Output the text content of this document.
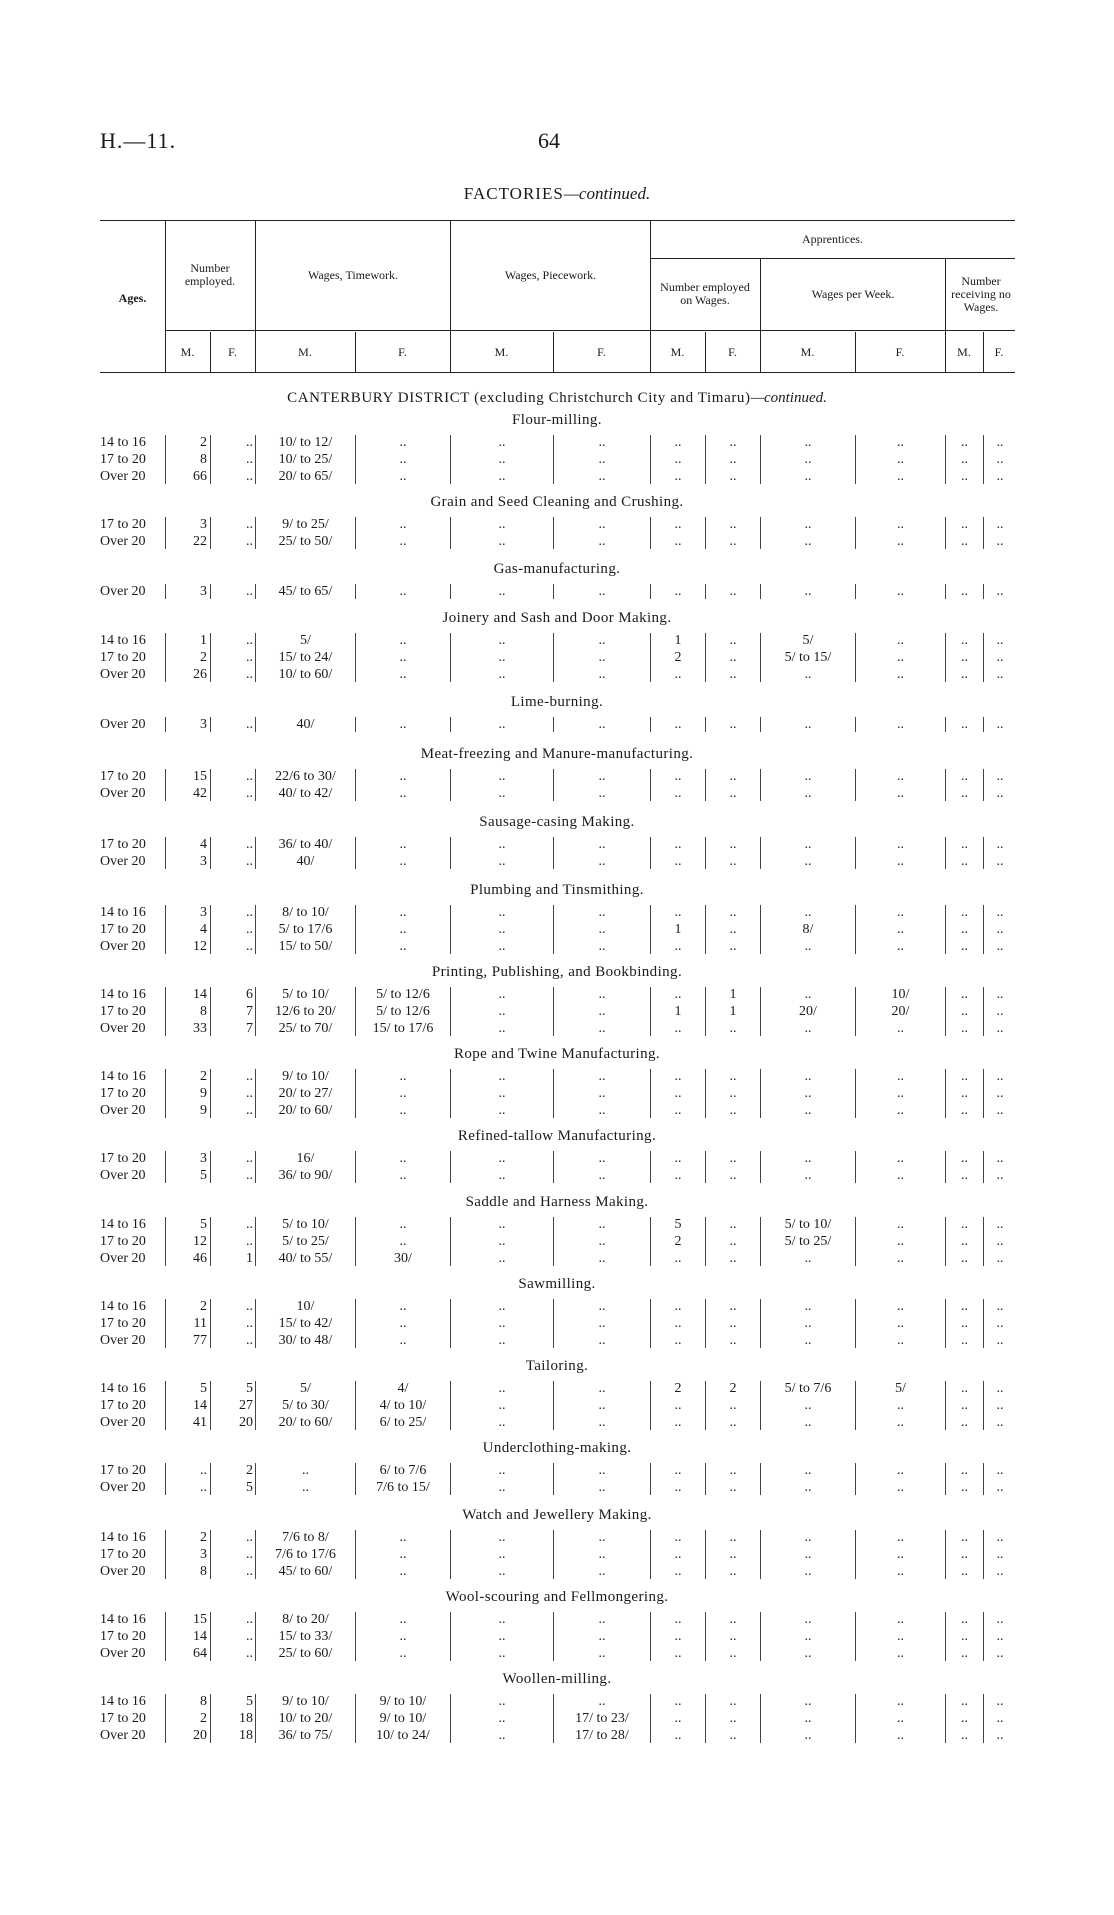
H.—11.	64
FACTORIES—continued.
Ages.
Number employed.	Wages, Timework.	Wages, Piecework.
Apprentices.
Number employed on Wages.	Wages per Week.
Number receiving no Wages.
M.	F.	M.	F.	M.	F.	M.	F.	M.	F.	M.	F.
CANTERBURY DISTRICT (excluding Christchurch City and Timaru)—continued.
Flour-milling.
14 to 16	2	..	10/ to 12/	..	..	..	..	..	..	..	..	..
17 to 20	8	..	10/ to 25/	..	..	..	..	..	..	..	..	..
Over 20	66	..	20/ to 65/	..	..	..	..	..	..	..	..	..
Grain and Seed Cleaning and Crushing.
17 to 20	3	..	9/ to 25/	..	..	..	..	..	..	..	..	..
Over 20	22	..	25/ to 50/	..	..	..	..	..	..	..	..	..
Gas-manufacturing.
Over 20	3	..	45/ to 65/	..	..	..	..	..	..	..	..	..
Joinery and Sash and Door Making.
14 to 16	1	..	5/	..	..	..	1	..	5/	..	..	..
17 to 20	2	..	15/ to 24/	..	..	..	2	..	5/ to 15/	..	..	..
Over 20	26	..	10/ to 60/	..	..	..	..	..	..	..	..	..
Lime-burning.
Over 20	3	..	40/	..	..	..	..	..	..	..	..	..
Meat-freezing and Manure-manufacturing.
17 to 20	15	..	22/6 to 30/	..	..	..	..	..	..	..	..	..
Over 20	42	..	40/ to 42/	..	..	..	..	..	..	..	..	..
Sausage-casing Making.
17 to 20	4	..	36/ to 40/	..	..	..	..	..	..	..	..	..
Over 20	3	..	40/	..	..	..	..	..	..	..	..	..
Plumbing and Tinsmithing.
14 to 16	3	..	8/ to 10/	..	..	..	..	..	..	..	..	..
17 to 20	4	..	5/ to 17/6	..	..	..	1	..	8/	..	..	..
Over 20	12	..	15/ to 50/	..	..	..	..	..	..	..	..	..
Printing, Publishing, and Bookbinding.
14 to 16	14	6	5/ to 10/	5/ to 12/6	..	..	..	1	..	10/	..	..
17 to 20	8	7	12/6 to 20/	5/ to 12/6	..	..	1	1	20/	20/	..	..
Over 20	33	7	25/ to 70/	15/ to 17/6	..	..	..	..	..	..	..	..
Rope and Twine Manufacturing.
14 to 16	2	..	9/ to 10/	..	..	..	..	..	..	..	..	..
17 to 20	9	..	20/ to 27/	..	..	..	..	..	..	..	..	..
Over 20	9	..	20/ to 60/	..	..	..	..	..	..	..	..	..
Refined-tallow Manufacturing.
17 to 20	3	..	16/	..	..	..	..	..	..	..	..	..
Over 20	5	..	36/ to 90/	..	..	..	..	..	..	..	..	..
Saddle and Harness Making.
14 to 16	5	..	5/ to 10/	..	..	..	5	..	5/ to 10/	..	..	..
17 to 20	12	..	5/ to 25/	..	..	..	2	..	5/ to 25/	..	..	..
Over 20	46	1	40/ to 55/	30/	..	..	..	..	..	..	..	..
Sawmilling.
14 to 16	2	..	10/	..	..	..	..	..	..	..	..	..
17 to 20	11	..	15/ to 42/	..	..	..	..	..	..	..	..	..
Over 20	77	..	30/ to 48/	..	..	..	..	..	..	..	..	..
Tailoring.
14 to 16	5	5	5/	4/	..	..	2	2	5/ to 7/6	5/	..	..
17 to 20	14	27	5/ to 30/	4/ to 10/	..	..	..	..	..	..	..	..
Over 20	41	20	20/ to 60/	6/ to 25/	..	..	..	..	..	..	..	..
Underclothing-making.
17 to 20	..	2	..	6/ to 7/6	..	..	..	..	..	..	..	..
Over 20	..	5	..	7/6 to 15/	..	..	..	..	..	..	..	..
Watch and Jewellery Making.
14 to 16	2	..	7/6 to 8/	..	..	..	..	..	..	..	..	..
17 to 20	3	..	7/6 to 17/6	..	..	..	..	..	..	..	..	..
Over 20	8	..	45/ to 60/	..	..	..	..	..	..	..	..	..
Wool-scouring and Fellmongering.
14 to 16	15	..	8/ to 20/	..	..	..	..	..	..	..	..	..
17 to 20	14	..	15/ to 33/	..	..	..	..	..	..	..	..	..
Over 20	64	..	25/ to 60/	..	..	..	..	..	..	..	..	..
Woollen-milling.
14 to 16	8	5	9/ to 10/	9/ to 10/	..	..	..	..	..	..	..	..
17 to 20	2	18	10/ to 20/	9/ to 10/	..	17/ to 23/	..	..	..	..	..	..
Over 20	20	18	36/ to 75/	10/ to 24/	..	17/ to 28/	..	..	..	..	..	..
